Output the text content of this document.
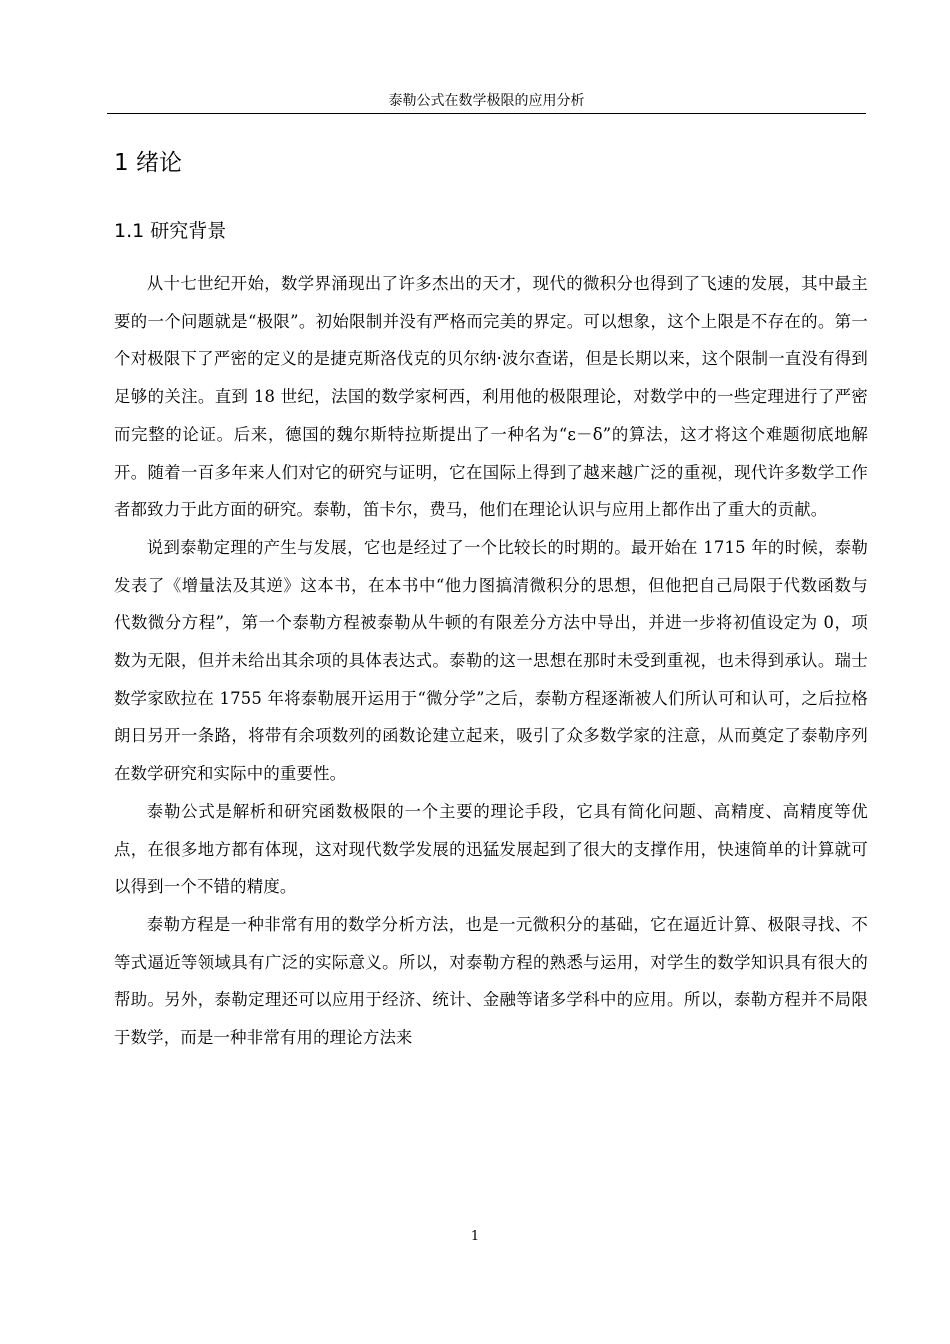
泰勒公式在数学极限的应用分析
1 绪论
1.1 研究背景

从十七世纪开始，数学界涌现出了许多杰出的天才，现代的微积分也得到了飞速的发展，其中最主要的一个问题就是“极限”。初始限制并没有严格而完美的界定。可以想象，这个上限是不存在的。第一个对极限下了严密的定义的是捷克斯洛伐克的贝尔纳·波尔查诺，但是长期以来，这个限制一直没有得到足够的关注。直到 18 世纪，法国的数学家柯西，利用他的极限理论，对数学中的一些定理进行了严密而完整的论证。后来，德国的魏尔斯特拉斯提出了一种名为“ε－δ”的算法，这才将这个难题彻底地解开。随着一百多年来人们对它的研究与证明，它在国际上得到了越来越广泛的重视，现代许多数学工作者都致力于此方面的研究。泰勒，笛卡尔，费马，他们在理论认识与应用上都作出了重大的贡献。

说到泰勒定理的产生与发展，它也是经过了一个比较长的时期的。最开始在 1715 年的时候，泰勒发表了《增量法及其逆》这本书，在本书中“他力图搞清微积分的思想，但他把自己局限于代数函数与代数微分方程”，第一个泰勒方程被泰勒从牛顿的有限差分方法中导出，并进一步将初值设定为 0，项数为无限，但并未给出其余项的具体表达式。泰勒的这一思想在那时未受到重视，也未得到承认。瑞士数学家欧拉在 1755 年将泰勒展开运用于“微分学”之后，泰勒方程逐渐被人们所认可和认可，之后拉格朗日另开一条路，将带有余项数列的函数论建立起来，吸引了众多数学家的注意，从而奠定了泰勒序列在数学研究和实际中的重要性。

泰勒公式是解析和研究函数极限的一个主要的理论手段，它具有简化问题、高精度、高精度等优点，在很多地方都有体现，这对现代数学发展的迅猛发展起到了很大的支撑作用，快速简单的计算就可以得到一个不错的精度。

泰勒方程是一种非常有用的数学分析方法，也是一元微积分的基础，它在逼近计算、极限寻找、不等式逼近等领域具有广泛的实际意义。所以，对泰勒方程的熟悉与运用，对学生的数学知识具有很大的帮助。另外，泰勒定理还可以应用于经济、统计、金融等诸多学科中的应用。所以，泰勒方程并不局限于数学，而是一种非常有用的理论方法来

1
